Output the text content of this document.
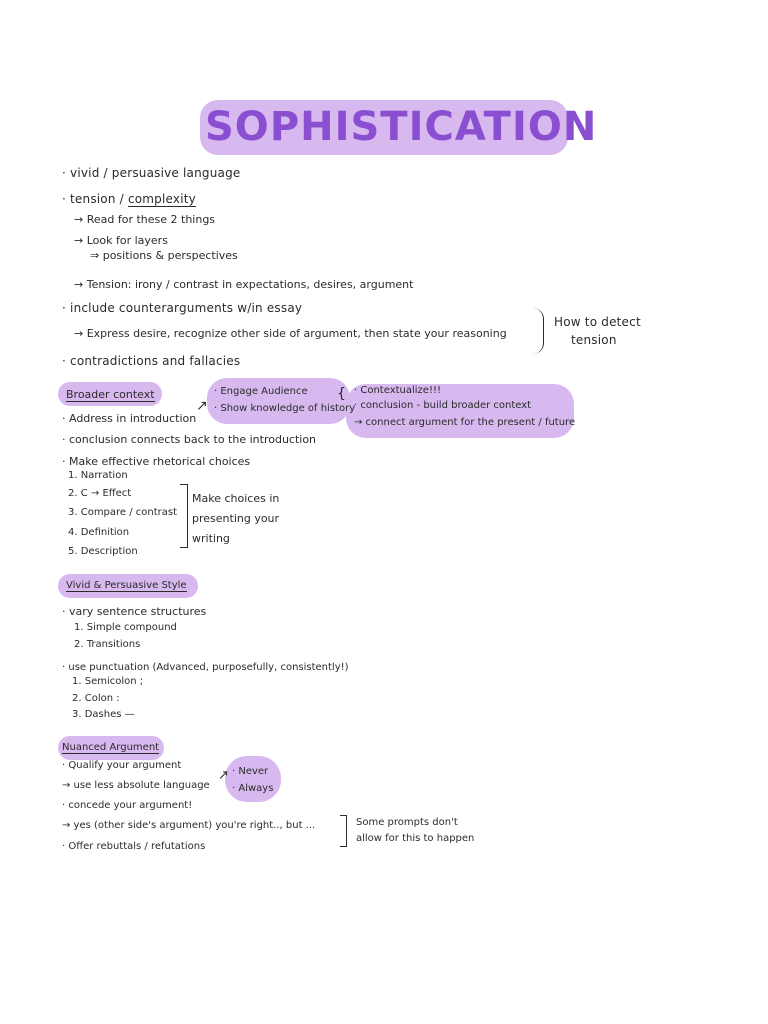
SOPHISTICATION
· vivid / persuasive language
· tension / complexity
→ Read for these 2 things
→ Look for layers
⇒ positions & perspectives
→ Tension: irony / contrast in expectations, desires, argument
· include counterarguments w/in essay
→ Express desire, recognize other side of argument, then state your reasoning
How to detect
tension
· contradictions and fallacies
Broader context
↗
· Engage Audience
· Show knowledge of history
{ · Contextualize!!!
· conclusion - build broader context
→ connect argument for the present / future
· Address in introduction
· conclusion connects back to the introduction
· Make effective rhetorical choices
1. Narration
2. C → Effect
3. Compare / contrast
4. Definition
5. Description
Make choices in
presenting your
writing
Vivid & Persuasive Style
· vary sentence structures
1. Simple compound
2. Transitions
· use punctuation (Advanced, purposefully, consistently!)
1. Semicolon ;
2. Colon :
3. Dashes —
Nuanced Argument
· Qualify your argument
→ use less absolute language
↗ · Never
· Always
· concede your argument!
→ yes (other side's argument) you're right.., but ...
· Offer rebuttals / refutations
Some prompts don't
allow for this to happen
